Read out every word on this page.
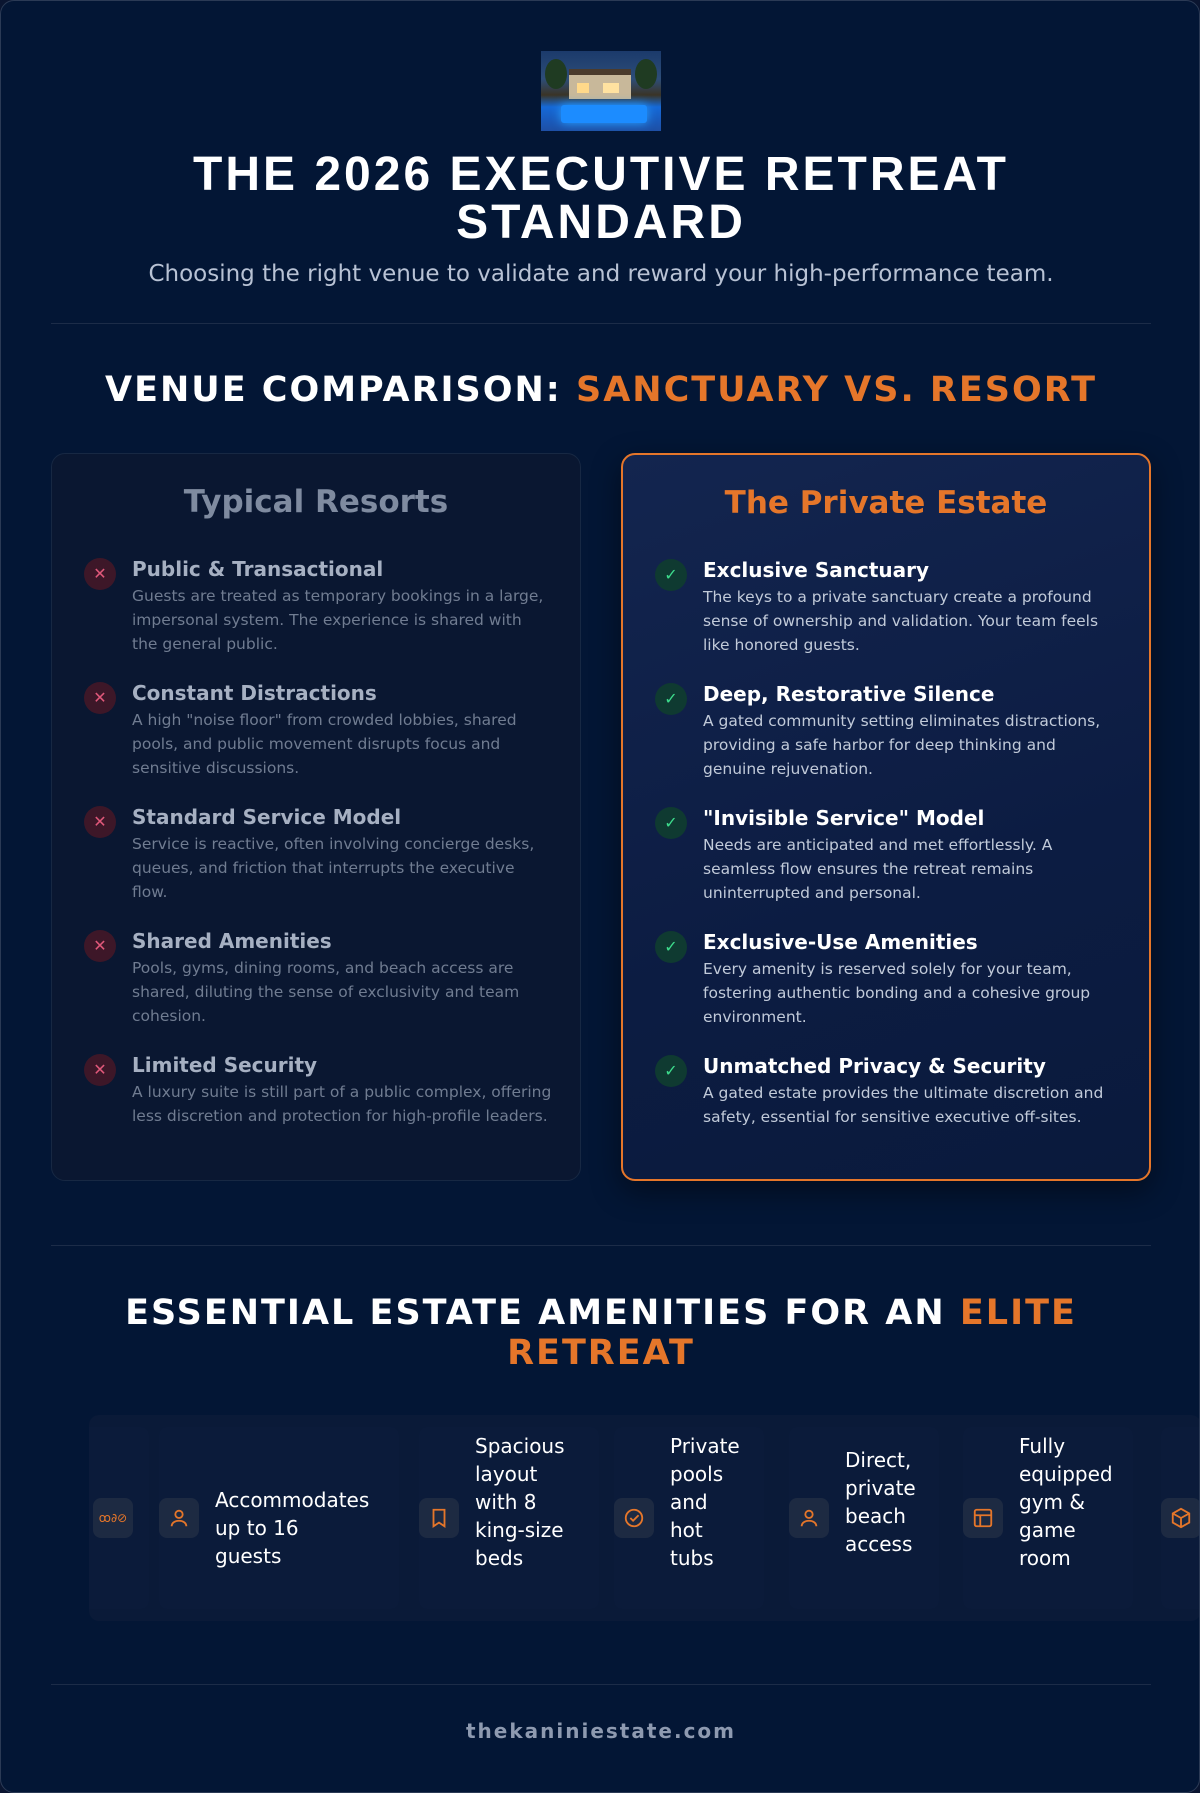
THE 2026 EXECUTIVE RETREAT
STANDARD
Choosing the right venue to validate and reward your high-performance team.
VENUE COMPARISON: SANCTUARY VS. RESORT
Typical Resorts
✕	Public & Transactional
Guests are treated as temporary bookings in a large, impersonal system. The experience is shared with the general public.
✕	Constant Distractions
A high "noise floor" from crowded lobbies, shared pools, and public movement disrupts focus and sensitive discussions.
✕	Standard Service Model
Service is reactive, often involving concierge desks, queues, and friction that interrupts the executive flow.
✕	Shared Amenities
Pools, gyms, dining rooms, and beach access are shared, diluting the sense of exclusivity and team cohesion.
✕	Limited Security
A luxury suite is still part of a public complex, offering less discretion and protection for high-profile leaders.
The Private Estate
✓	Exclusive Sanctuary
The keys to a private sanctuary create a profound sense of ownership and validation. Your team feels like honored guests.
✓	Deep, Restorative Silence
A gated community setting eliminates distractions, providing a safe harbor for deep thinking and genuine rejuvenation.
✓	"Invisible Service" Model
Needs are anticipated and met effortlessly. A seamless flow ensures the retreat remains uninterrupted and personal.
✓	Exclusive-Use Amenities
Every amenity is reserved solely for your team, fostering authentic bonding and a cohesive group environment.
✓	Unmatched Privacy & Security
A gated estate provides the ultimate discretion and safety, essential for sensitive executive off-sites.
ESSENTIAL ESTATE AMENITIES FOR AN ELITE
RETREAT
ꝏ∂⊘
Accommodates
up to 16
guests
Spacious
layout
with 8
king-size
beds
Private
pools
and
hot
tubs
Direct,
private
beach
access
Fully
equipped
gym &
game
room
thekaniniestate.com
